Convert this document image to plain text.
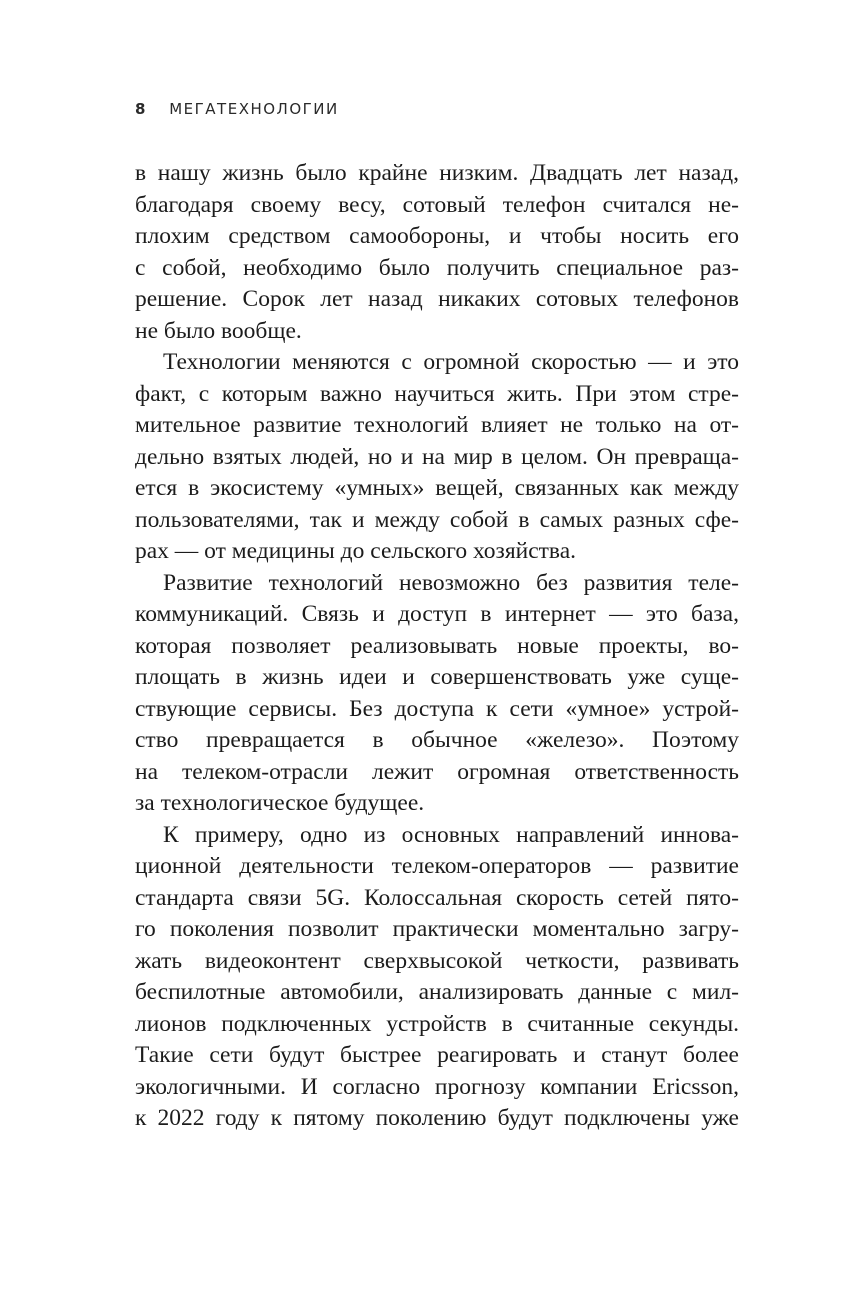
8 МЕГАТЕХНОЛОГИИ
в нашу жизнь было крайне низким. Двадцать лет назад,
благодаря своему весу, сотовый телефон считался не-
плохим средством самообороны, и чтобы носить его
с собой, необходимо было получить специальное раз-
решение. Сорок лет назад никаких сотовых телефонов
не было вообще.
Технологии меняются с огромной скоростью — и это
факт, с которым важно научиться жить. При этом стре-
мительное развитие технологий влияет не только на от-
дельно взятых людей, но и на мир в целом. Он превраща-
ется в экосистему «умных» вещей, связанных как между
пользователями, так и между собой в самых разных сфе-
рах — от медицины до сельского хозяйства.
Развитие технологий невозможно без развития теле-
коммуникаций. Связь и доступ в интернет — это база,
которая позволяет реализовывать новые проекты, во-
площать в жизнь идеи и совершенствовать уже суще-
ствующие сервисы. Без доступа к сети «умное» устрой-
ство превращается в обычное «железо». Поэтому
на телеком-отрасли лежит огромная ответственность
за технологическое будущее.
К примеру, одно из основных направлений иннова-
ционной деятельности телеком-операторов — развитие
стандарта связи 5G. Колоссальная скорость сетей пято-
го поколения позволит практически моментально загру-
жать видеоконтент сверхвысокой четкости, развивать
беспилотные автомобили, анализировать данные с мил-
лионов подключенных устройств в считанные секунды.
Такие сети будут быстрее реагировать и станут более
экологичными. И согласно прогнозу компании Ericsson,
к 2022 году к пятому поколению будут подключены уже
